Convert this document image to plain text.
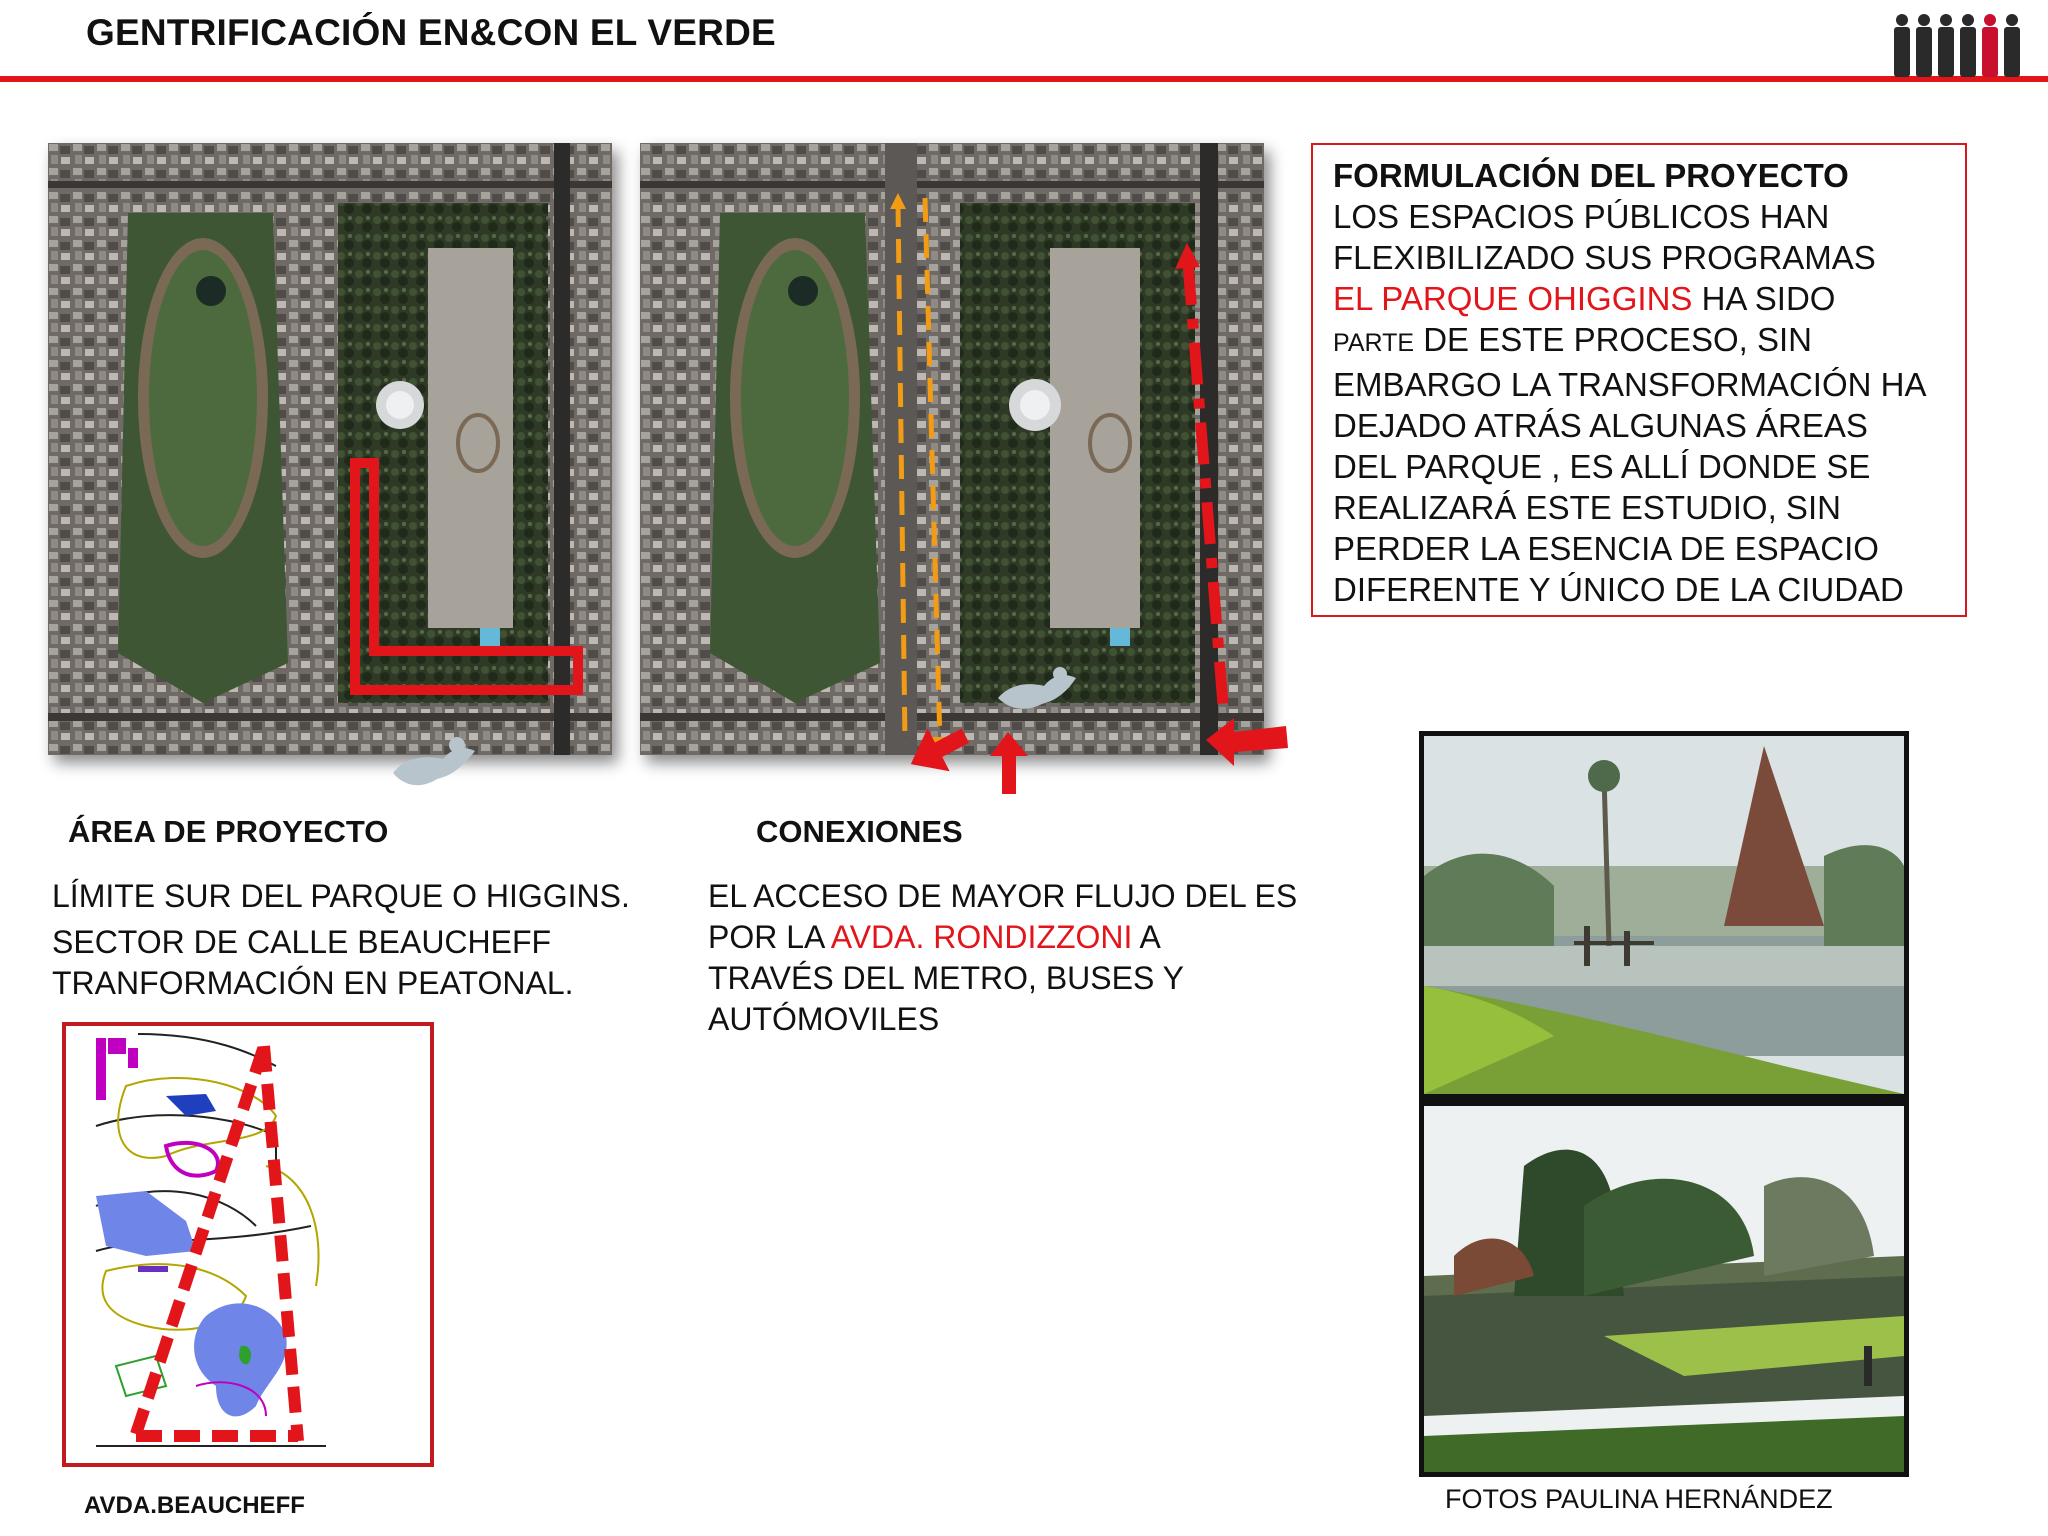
GENTRIFICACIÓN EN&CON EL VERDE
FORMULACIÓN DEL PROYECTO
LOS ESPACIOS PÚBLICOS HAN
FLEXIBILIZADO SUS PROGRAMAS
EL PARQUE OHIGGINS HA SIDO
PARTE DE ESTE PROCESO, SIN
EMBARGO LA TRANSFORMACIÓN HA
DEJADO ATRÁS ALGUNAS ÁREAS
DEL PARQUE , ES ALLÍ DONDE SE
REALIZARÁ ESTE ESTUDIO, SIN
PERDER LA ESENCIA DE ESPACIO
DIFERENTE Y ÚNICO DE LA CIUDAD
ÁREA DE PROYECTO
LÍMITE SUR DEL PARQUE O HIGGINS.
SECTOR DE CALLE BEAUCHEFF
TRANFORMACIÓN EN PEATONAL.
CONEXIONES
EL ACCESO DE MAYOR FLUJO DEL ES
POR LA AVDA. RONDIZZONI A
TRAVÉS DEL METRO, BUSES Y
AUTÓMOVILES
AVDA.BEAUCHEFF	FOTOS PAULINA HERNÁNDEZ
